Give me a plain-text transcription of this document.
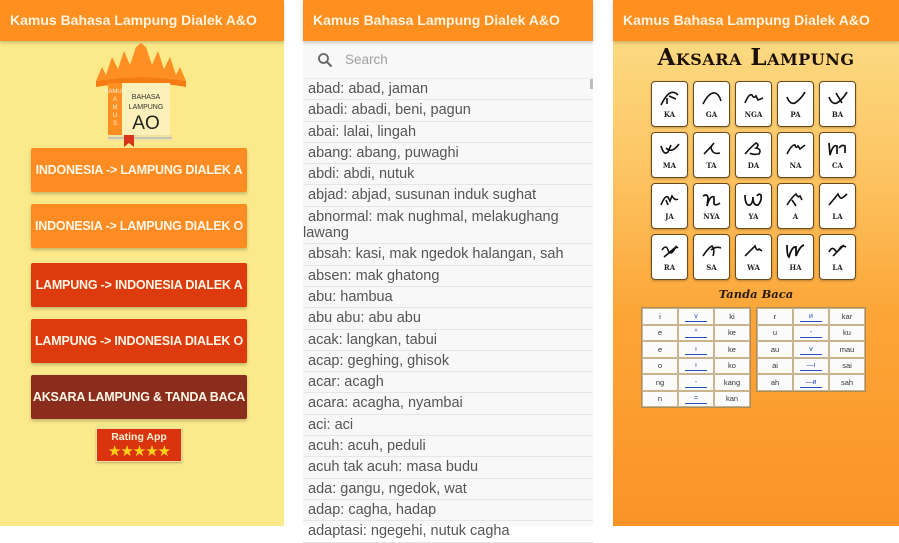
Kamus Bahasa Lampung Dialek A&O
KAMUS
A
M
U
S
BAHASA
LAMPUNG
AO
INDONESIA -> LAMPUNG DIALEK A
INDONESIA -> LAMPUNG DIALEK O
LAMPUNG -> INDONESIA DIALEK A
LAMPUNG -> INDONESIA DIALEK O
AKSARA LAMPUNG & TANDA BACA
Rating App
★★★★★
Kamus Bahasa Lampung Dialek A&O
Search
abad: abad, jaman
abadi: abadi, beni, pagun
abai: lalai, lingah
abang: abang, puwaghi
abdi: abdi, nutuk
abjad: abjad, susunan induk sughat
abnormal: mak nughmal, melakughang
lawang
absah: kasi, mak ngedok halangan, sah
absen: mak ghatong
abu: hambua
abu abu: abu abu
acak: langkan, tabui
acap: geghing, ghisok
acar: acagh
acara: acagha, nyambai
aci: aci
acuh: acuh, peduli
acuh tak acuh: masa budu
ada: gangu, ngedok, wat
adap: cagha, hadap
adaptasi: ngegehi, nutuk cagha
Kamus Bahasa Lampung Dialek A&O
Aksara Lampung
KA	GA	NGA	PA	BA
MA	TA	DA	NA	CA
JA	NYA	YA	A	LA
RA	SA	WA	HA	LA
Tanda Baca
i	v	ki
e	^	ke
e	ı	ke
o	ı	ko
ng	-	kang
n	=	kan
r	ᴎ	kar
u	-	ku
au	v	mau
ai	—ı	sai
ah	—ᴎ	sah
